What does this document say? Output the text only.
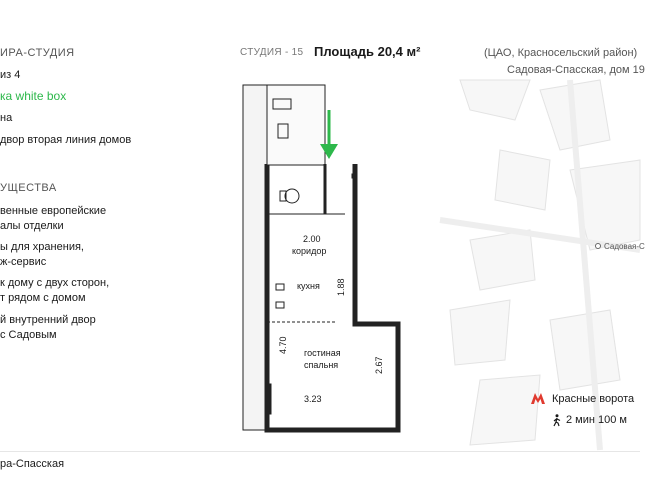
ИРА-СТУДИЯ
из 4
ка white box
на
двор вторая линия домов
УЩЕСТВА
венные европейские
алы отделки
ы для хранения,
ж-сервис
к дому с двух сторон,
т рядом с домом
й внутренний двор
с Садовым
СТУДИЯ - 15 Площадь 20,4 м²
2.00
коридор
кухня 1.88
4.70 гостиная
спальня	2.67
3.23
(ЦАО, Красносельский район)
Садовая-Спасская, дом 19
Садовая-С
Красные ворота
2 мин 100 м
ра-Спасская
